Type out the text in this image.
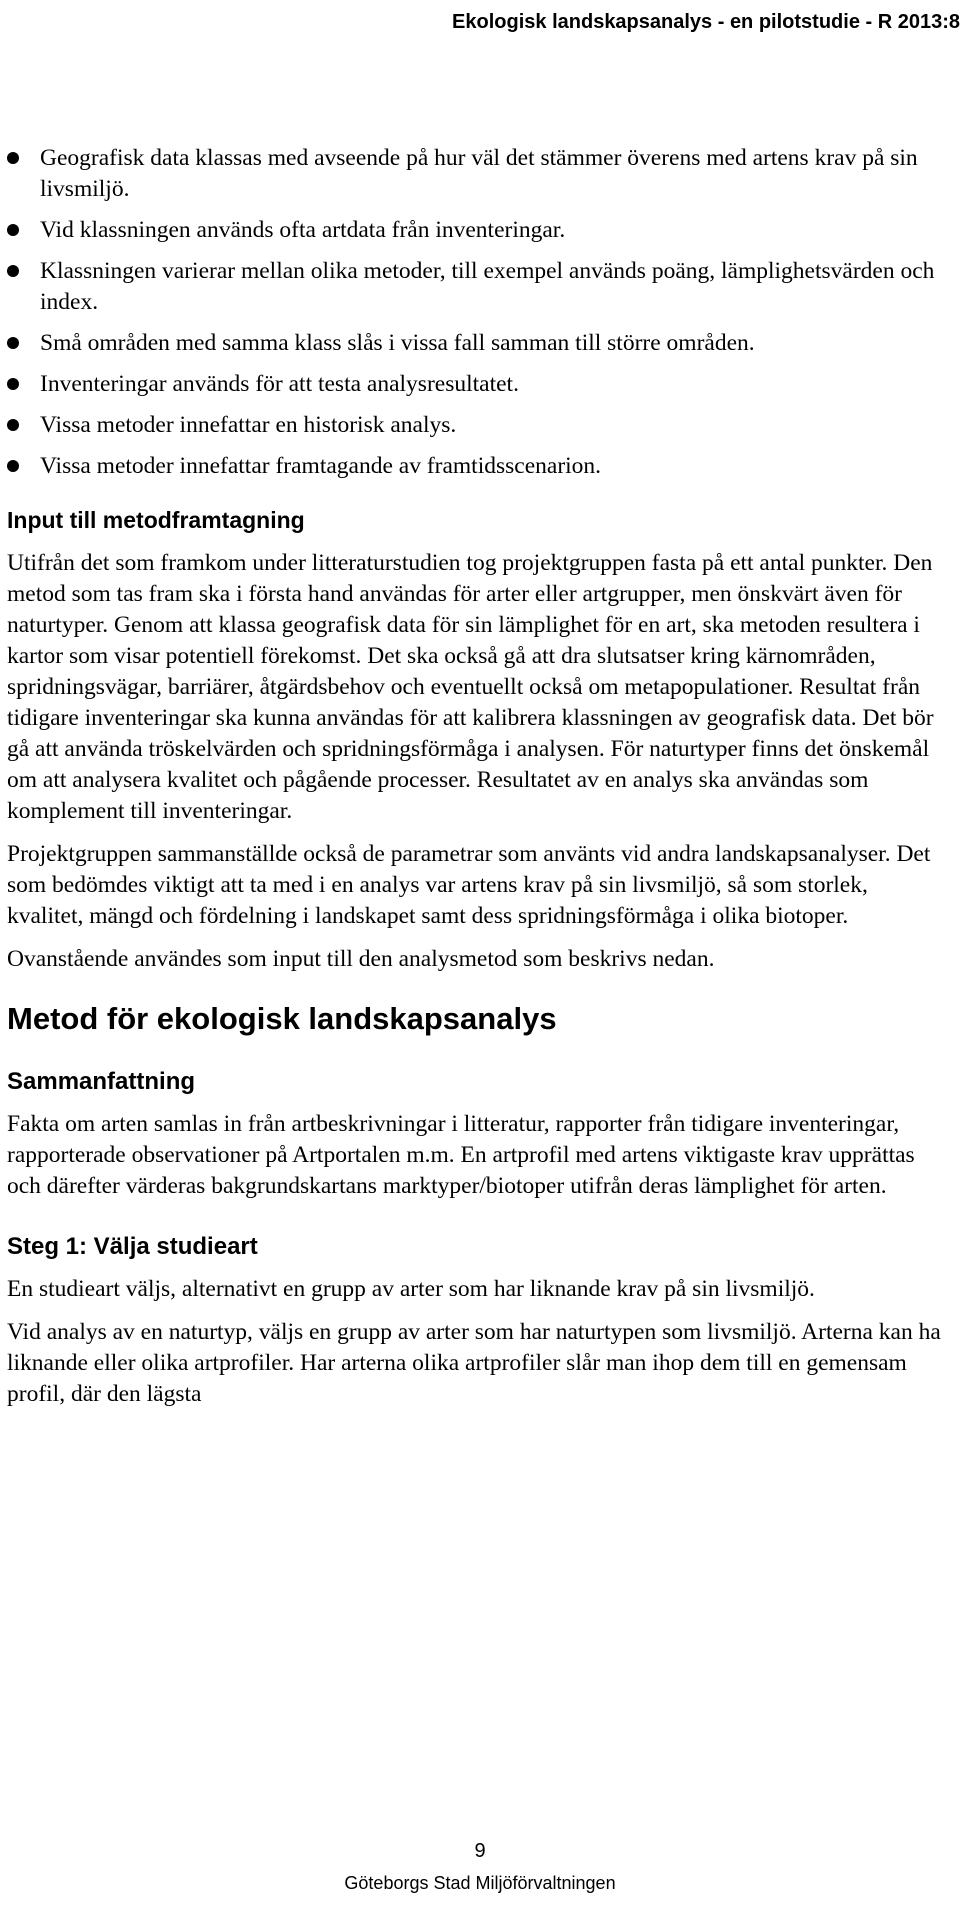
Ekologisk landskapsanalys - en pilotstudie - R 2013:8
Geografisk data klassas med avseende på hur väl det stämmer överens med artens krav på sin livsmiljö.
Vid klassningen används ofta artdata från inventeringar.
Klassningen varierar mellan olika metoder, till exempel används poäng, lämplighetsvärden och index.
Små områden med samma klass slås i vissa fall samman till större områden.
Inventeringar används för att testa analysresultatet.
Vissa metoder innefattar en historisk analys.
Vissa metoder innefattar framtagande av framtidsscenarion.
Input till metodframtagning

Utifrån det som framkom under litteraturstudien tog projektgruppen fasta på ett antal punkter. Den metod som tas fram ska i första hand användas för arter eller artgrupper, men önskvärt även för naturtyper. Genom att klassa geografisk data för sin lämplighet för en art, ska metoden resultera i kartor som visar potentiell förekomst. Det ska också gå att dra slutsatser kring kärnområden, spridningsvägar, barriärer, åtgärdsbehov och eventuellt också om metapopulationer. Resultat från tidigare inventeringar ska kunna användas för att kalibrera klassningen av geografisk data. Det bör gå att använda tröskelvärden och spridningsförmåga i analysen. För naturtyper finns det önskemål om att analysera kvalitet och pågående processer. Resultatet av en analys ska användas som komplement till inventeringar.

Projektgruppen sammanställde också de parametrar som använts vid andra landskapsanalyser. Det som bedömdes viktigt att ta med i en analys var artens krav på sin livsmiljö, så som storlek, kvalitet, mängd och fördelning i landskapet samt dess spridningsförmåga i olika biotoper.

Ovanstående användes som input till den analysmetod som beskrivs nedan.

Metod för ekologisk landskapsanalys
Sammanfattning

Fakta om arten samlas in från artbeskrivningar i litteratur, rapporter från tidigare inventeringar, rapporterade observationer på Artportalen m.m. En artprofil med artens viktigaste krav upprättas och därefter värderas bakgrundskartans marktyper/biotoper utifrån deras lämplighet för arten.

Steg 1: Välja studieart

En studieart väljs, alternativt en grupp av arter som har liknande krav på sin livsmiljö.

Vid analys av en naturtyp, väljs en grupp av arter som har naturtypen som livsmiljö. Arterna kan ha liknande eller olika artprofiler. Har arterna olika artprofiler slår man ihop dem till en gemensam profil, där den lägsta

9
Göteborgs Stad Miljöförvaltningen
